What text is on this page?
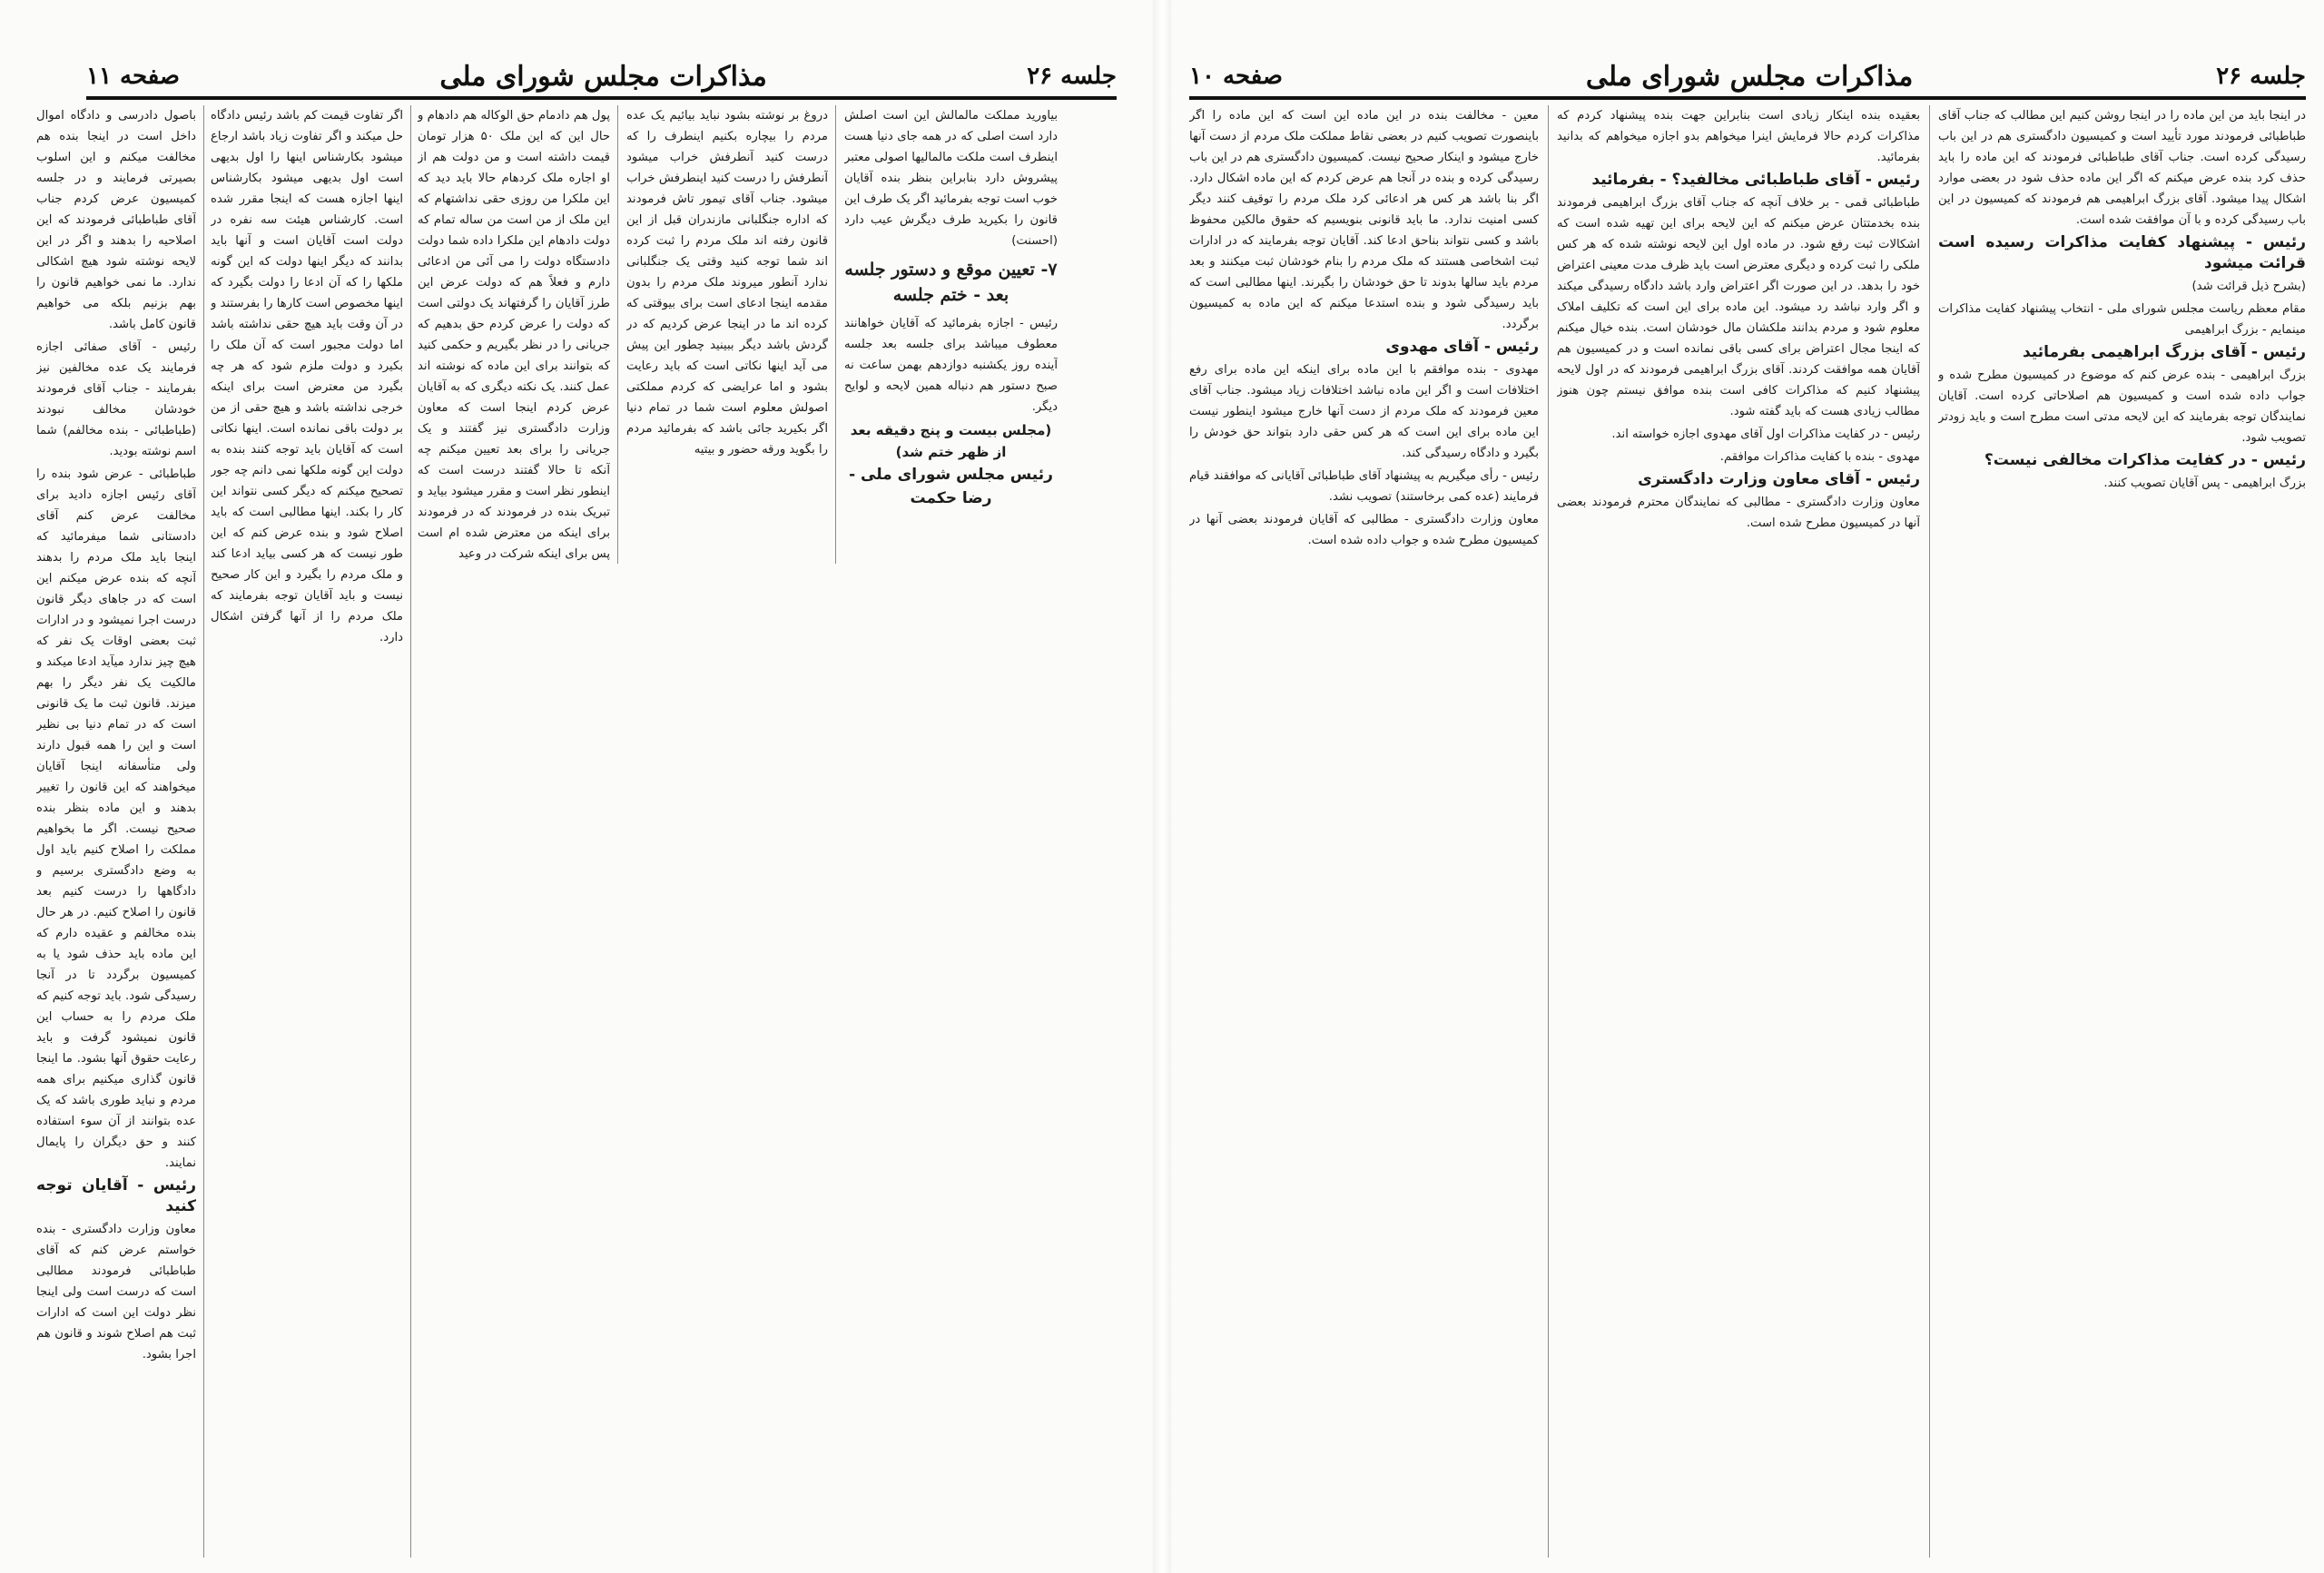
جلسه ۲۶
مذاکرات مجلس شورای ملی
صفحه ۱۱

بیاورید مملکت مالمالش این است اصلش دارد است اصلی که در همه جای دنیا هست اینطرف است ملکت مالمالیها اصولی معتبر پیشروش دارد بنابراین بنظر بنده آقایان خوب است توجه بفرمائید اگر یک طرف این قانون را بکیرید طرف دیگرش عیب دارد (احسنت)

۷- تعیین موقع و دستور جلسه بعد - ختم جلسه

رئیس - اجازه بفرمائید که آقایان خواهانند معطوف میباشد برای جلسه بعد جلسه آینده روز یکشنبه دوازدهم بهمن ساعت نه صبح دستور هم دنباله همین لایحه و لوایح دیگر.

(مجلس بیست و پنج دقیقه بعد از ظهر ختم شد)
رئیس مجلس شورای ملی - رضا حکمت

دروغ بر نوشته بشود نباید بیائیم یک عده مردم را بیچاره بکنیم اینطرف را که درست کنید آنطرفش خراب میشود آنطرفش را درست کنید اینطرفش خراب میشود. جناب آقای تیمور تاش فرمودند که اداره جنگلبانی مازندران قبل از این قانون رفته اند ملک مردم را ثبت کرده اند شما توجه کنید وقتی یک جنگلبانی ندارد آنطور میروند ملک مردم را بدون مقدمه اینجا ادعای است برای بیوقتی که کرده اند ما در اینجا عرض کردیم که در گردش باشد دیگر ببینید چطور این پیش می آید اینها نکاتی است که باید رعایت بشود و اما عرایضی که کردم مملکتی اصولش معلوم است شما در تمام دنیا اگر بکیرید جائی باشد که بفرمائید مردم را بگوید ورقه حضور و بیتیه

پول هم دادمام حق الوکاله هم دادهام و حال این که این ملک ۵۰ هزار تومان قیمت داشته است و من دولت هم از او اجاره ملک کردهام حالا باید دید که این ملکرا من روزی حقی نداشتهام که این ملک از من است من ساله تمام که دولت دادهام این ملکرا داده شما دولت دادستگاه دولت را می آئی من ادعائی دارم و فعلاً هم که دولت عرض این طرز آقایان را گرفتهاند یک دولتی است که دولت را عرض کردم حق بدهیم که جریانی را در نظر بگیریم و حکمی کنید که بتوانند برای این ماده که نوشته اند عمل کنند. یک نکته دیگری که به آقایان عرض کردم اینجا است که معاون وزارت دادگستری نیز گفتند و یک جریانی را برای بعد تعیین میکنم چه آنکه تا حالا گفتند درست است که اینطور نظر است و مقرر میشود بیاید و تبریک بنده در فرمودند که در فرمودند برای اینکه من معترض شده ام است پس برای اینکه شرکت در وعید

اگر تفاوت قیمت کم باشد رئیس دادگاه حل میکند و اگر تفاوت زیاد باشد ارجاع میشود بکارشناس اینها را اول بدیهی است اول بدیهی میشود بکارشناس اینها اجازه هست که اینجا مقرر شده است. کارشناس هیئت سه نفره در دولت است آقایان است و آنها باید بدانند که دیگر اینها دولت که این گونه ملکها را که آن ادعا را دولت بگیرد که اینها مخصوص است کارها را بفرستند و در آن وقت باید هیچ حقی نداشته باشد اما دولت مجبور است که آن ملک را بکیرد و دولت ملزم شود که هر چه بگیرد من معترض است برای اینکه خرجی نداشته باشد و هیچ حقی از من بر دولت باقی نمانده است. اینها نکاتی است که آقایان باید توجه کنند بنده به دولت این گونه ملکها نمی دانم چه جور تصحیح میکنم که دیگر کسی نتواند این کار را بکند. اینها مطالبی است که باید اصلاح شود و بنده عرض کنم که این طور نیست که هر کسی بیاید ادعا کند و ملک مردم را بگیرد و این کار صحیح نیست و باید آقایان توجه بفرمایند که ملک مردم را از آنها گرفتن اشکال دارد.

باصول دادرسی و دادگاه اموال داخل است در اینجا بنده هم مخالفت میکنم و این اسلوب بصیرتی فرمایند و در جلسه کمیسیون عرض کردم جناب آقای طباطبائی فرمودند که این اصلاحیه را بدهند و اگر در این لایحه نوشته شود هیچ اشکالی ندارد. ما نمی خواهیم قانون را بهم بزنیم بلکه می خواهیم قانون کامل باشد.

رئیس - آقای صفائی اجازه فرمایند یک عده مخالفین نیز بفرمایند - جناب آقای فرمودند خودشان مخالف نبودند (طباطبائی - بنده مخالفم) شما اسم نوشته بودید.

طباطبائی - عرض شود بنده را آقای رئیس اجازه دادید برای مخالفت عرض کنم آقای دادستانی شما میفرمائید که اینجا باید ملک مردم را بدهند آنچه که بنده عرض میکنم این است که در جاهای دیگر قانون درست اجرا نمیشود و در ادارات ثبت بعضی اوقات یک نفر که هیچ چیز ندارد میآید ادعا میکند و مالکیت یک نفر دیگر را بهم میزند. قانون ثبت ما یک قانونی است که در تمام دنیا بی نظیر است و این را همه قبول دارند ولی متأسفانه اینجا آقایان میخواهند که این قانون را تغییر بدهند و این ماده بنظر بنده صحیح نیست. اگر ما بخواهیم مملکت را اصلاح کنیم باید اول به وضع دادگستری برسیم و دادگاهها را درست کنیم بعد قانون را اصلاح کنیم. در هر حال بنده مخالفم و عقیده دارم که این ماده باید حذف شود یا به کمیسیون برگردد تا در آنجا رسیدگی شود. باید توجه کنیم که ملک مردم را به حساب این قانون نمیشود گرفت و باید رعایت حقوق آنها بشود. ما اینجا قانون گذاری میکنیم برای همه مردم و نباید طوری باشد که یک عده بتوانند از آن سوء استفاده کنند و حق دیگران را پایمال نمایند.

رئیس - آقایان توجه کنید

معاون وزارت دادگستری - بنده خواستم عرض کنم که آقای طباطبائی فرمودند مطالبی است که درست است ولی اینجا نظر دولت این است که ادارات ثبت هم اصلاح شوند و قانون هم اجرا بشود.

جلسه ۲۶
مذاکرات مجلس شورای ملی
صفحه ۱۰

معین - مخالفت بنده در این ماده این است که این ماده را اگر باینصورت تصویب کنیم در بعضی نقاط مملکت ملک مردم از دست آنها خارج میشود و اینکار صحیح نیست. کمیسیون دادگستری هم در این باب رسیدگی کرده و بنده در آنجا هم عرض کردم که این ماده اشکال دارد. اگر بنا باشد هر کس هر ادعائی کرد ملک مردم را توقیف کنند دیگر کسی امنیت ندارد. ما باید قانونی بنویسیم که حقوق مالکین محفوظ باشد و کسی نتواند بناحق ادعا کند. آقایان توجه بفرمایند که در ادارات ثبت اشخاصی هستند که ملک مردم را بنام خودشان ثبت میکنند و بعد مردم باید سالها بدوند تا حق خودشان را بگیرند. اینها مطالبی است که باید رسیدگی شود و بنده استدعا میکنم که این ماده به کمیسیون برگردد.

رئیس - آقای مهدوی

مهدوی - بنده موافقم با این ماده برای اینکه این ماده برای رفع اختلافات است و اگر این ماده نباشد اختلافات زیاد میشود. جناب آقای معین فرمودند که ملک مردم از دست آنها خارج میشود اینطور نیست این ماده برای این است که هر کس حقی دارد بتواند حق خودش را بگیرد و دادگاه رسیدگی کند.

رئیس - رأی میگیریم به پیشنهاد آقای طباطبائی آقایانی که موافقند قیام فرمایند (عده کمی برخاستند) تصویب نشد.

معاون وزارت دادگستری - مطالبی که آقایان فرمودند بعضی آنها در کمیسیون مطرح شده و جواب داده شده است.

بعقیده بنده اینکار زیادی است بنابراین جهت بنده پیشنهاد کردم که مذاکرات کردم حالا فرمایش اینرا میخواهم بدو اجازه میخواهم که بدانید بفرمائید.

رئیس - آقای طباطبائی مخالفید؟ - بفرمائید

طباطبائی قمی - بر خلاف آنچه که جناب آقای بزرگ ابراهیمی فرمودند بنده بخدمتتان عرض میکنم که این لایحه برای این تهیه شده است که اشکالات ثبت رفع شود. در ماده اول این لایحه نوشته شده که هر کس ملکی را ثبت کرده و دیگری معترض است باید ظرف مدت معینی اعتراض خود را بدهد. در این صورت اگر اعتراض وارد باشد دادگاه رسیدگی میکند و اگر وارد نباشد رد میشود. این ماده برای این است که تکلیف املاک معلوم شود و مردم بدانند ملکشان مال خودشان است. بنده خیال میکنم که اینجا مجال اعتراض برای کسی باقی نمانده است و در کمیسیون هم آقایان همه موافقت کردند. آقای بزرگ ابراهیمی فرمودند که در اول لایحه پیشنهاد کنیم که مذاکرات کافی است بنده موافق نیستم چون هنوز مطالب زیادی هست که باید گفته شود.

رئیس - در کفایت مذاکرات اول آقای مهدوی اجازه خواسته اند.

مهدوی - بنده با کفایت مذاکرات موافقم.

رئیس - آقای معاون وزارت دادگستری

معاون وزارت دادگستری - مطالبی که نمایندگان محترم فرمودند بعضی آنها در کمیسیون مطرح شده است.

در اینجا باید من این ماده را در اینجا روشن کنیم این مطالب که جناب آقای طباطبائی فرمودند مورد تأیید است و کمیسیون دادگستری هم در این باب رسیدگی کرده است. جناب آقای طباطبائی فرمودند که این ماده را باید حذف کرد بنده عرض میکنم که اگر این ماده حذف شود در بعضی موارد اشکال پیدا میشود. آقای بزرگ ابراهیمی هم فرمودند که کمیسیون در این باب رسیدگی کرده و با آن موافقت شده است.

رئیس - پیشنهاد کفایت مذاکرات رسیده است قرائت میشود

(بشرح ذیل قرائت شد)

مقام معظم ریاست مجلس شورای ملی - انتخاب پیشنهاد کفایت مذاکرات مینمایم - بزرگ ابراهیمی

رئیس - آقای بزرگ ابراهیمی بفرمائید

بزرگ ابراهیمی - بنده عرض کنم که موضوع در کمیسیون مطرح شده و جواب داده شده است و کمیسیون هم اصلاحاتی کرده است. آقایان نمایندگان توجه بفرمایند که این لایحه مدتی است مطرح است و باید زودتر تصویب شود.

رئیس - در کفایت مذاکرات مخالفی نیست؟

بزرگ ابراهیمی - پس آقایان تصویب کنند.
